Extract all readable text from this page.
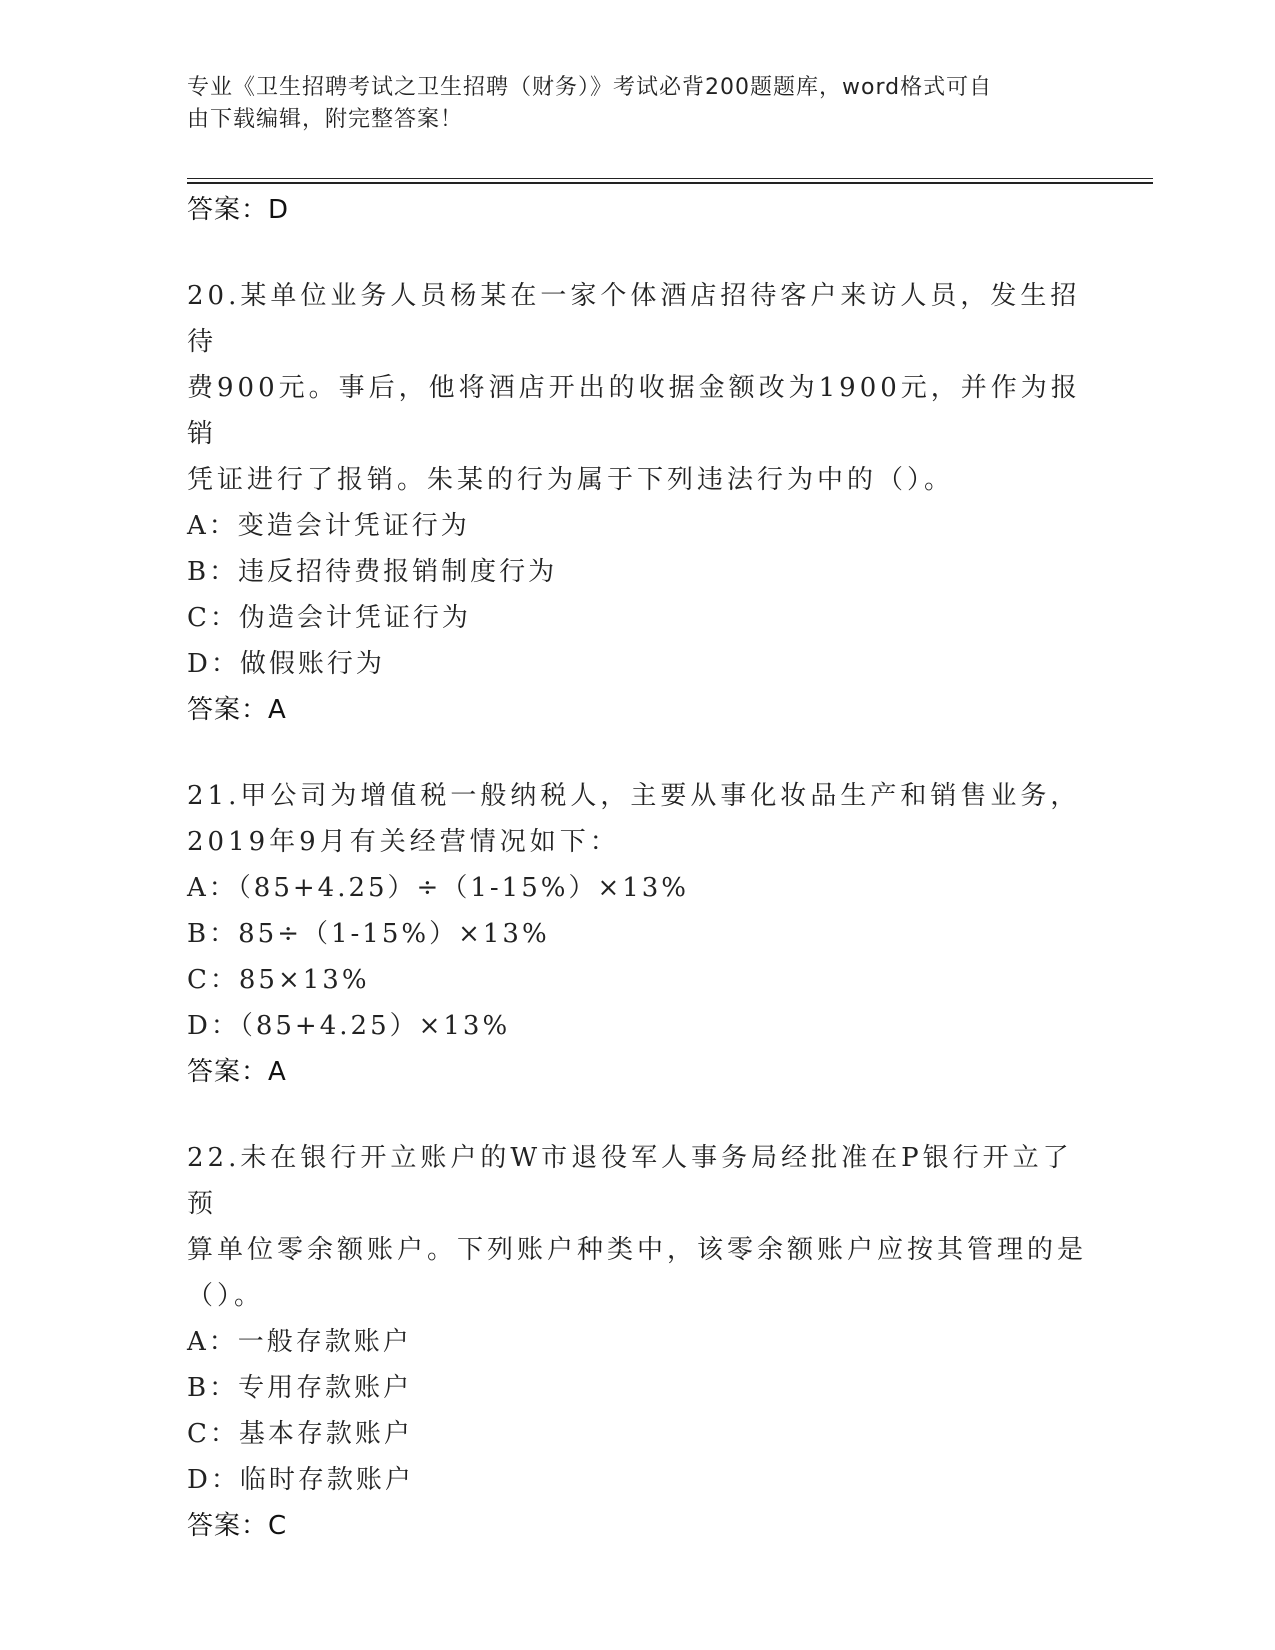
专业《卫生招聘考试之卫生招聘（财务）》考试必背200题题库，word格式可自
由下载编辑，附完整答案！
答案：D
20.某单位业务人员杨某在一家个体酒店招待客户来访人员，发生招待
费900元。事后，他将酒店开出的收据金额改为1900元，并作为报销
凭证进行了报销。朱某的行为属于下列违法行为中的（）。
A：变造会计凭证行为
B：违反招待费报销制度行为
C：伪造会计凭证行为
D：做假账行为
答案：A
21.甲公司为增值税一般纳税人，主要从事化妆品生产和销售业务，
2019年9月有关经营情况如下：
A：（85+4.25）÷（1-15%）×13%
B：85÷（1-15%）×13%
C：85×13%
D：（85+4.25）×13%
答案：A
22.未在银行开立账户的W市退役军人事务局经批准在P银行开立了预
算单位零余额账户。下列账户种类中，该零余额账户应按其管理的是
（）。
A：一般存款账户
B：专用存款账户
C：基本存款账户
D：临时存款账户
答案：C
